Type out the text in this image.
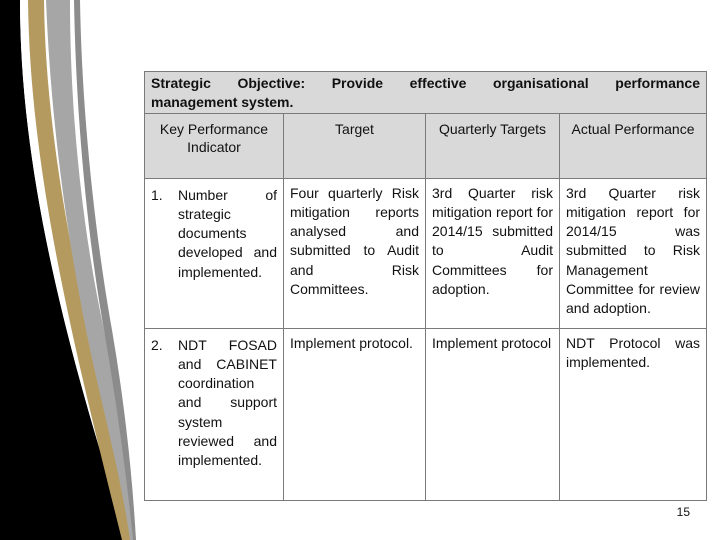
Strategic Objective: Provide effective organisational performance
management system.			
Key Performance Indicator	Target	Quarterly Targets	Actual Performance

1. Number of strategic documents developed and implemented.	Four quarterly Risk mitigation reports analysed and submitted to Audit and Risk Committees.	3rd Quarter risk mitigation report for 2014/15 submitted to Audit Committees for adoption.	3rd Quarter risk mitigation report for 2014/15 was submitted to Risk Management Committee for review and adoption.

2. NDT FOSAD and CABINET coordination and support system reviewed and implemented.	Implement protocol.	Implement protocol	NDT Protocol was implemented.
15
